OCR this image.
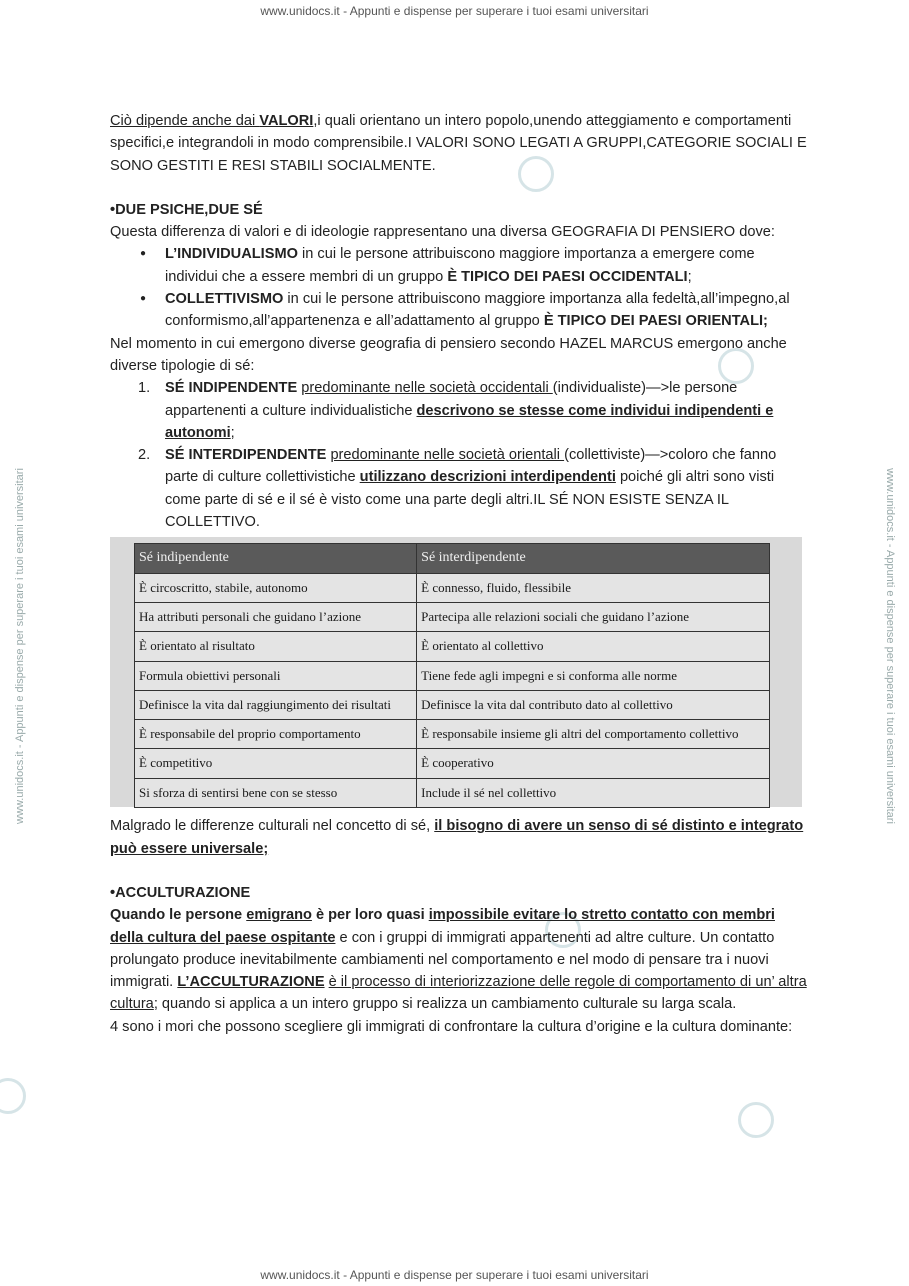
www.unidocs.it - Appunti e dispense per superare i tuoi esami universitari
www.unidocs.it - Appunti e dispense per superare i tuoi esami universitari	www.unidocs.it - Appunti e dispense per superare i tuoi esami universitari

Ciò dipende anche dai VALORI,i quali orientano un intero popolo,unendo atteggiamento e comportamenti specifici,e integrandoli in modo comprensibile.I VALORI SONO LEGATI A GRUPPI,CATEGORIE SOCIALI E SONO GESTITI E RESI STABILI SOCIALMENTE.

•DUE PSICHE,DUE SÉ

Questa differenza di valori e di ideologie rappresentano una diversa GEOGRAFIA DI PENSIERO dove:

● L’INDIVIDUALISMO in cui le persone attribuiscono maggiore importanza a emergere come individui che a essere membri di un gruppo È TIPICO DEI PAESI OCCIDENTALI;
● COLLETTIVISMO in cui le persone attribuiscono maggiore importanza alla fedeltà,all’impegno,al conformismo,all’appartenenza e all’adattamento al gruppo È TIPICO DEI PAESI ORIENTALI;

Nel momento in cui emergono diverse geografia di pensiero secondo HAZEL MARCUS emergono anche diverse tipologie di sé:

1. SÉ INDIPENDENTE predominante nelle società occidentali (individualiste)—>le persone appartenenti a culture individualistiche descrivono se stesse come individui indipendenti e autonomi;
2. SÉ INTERDIPENDENTE predominante nelle società orientali (collettiviste)—>coloro che fanno parte di culture collettivistiche utilizzano descrizioni interdipendenti poiché gli altri sono visti come parte di sé e il sé è visto come una parte degli altri.IL SÉ NON ESISTE SENZA IL COLLETTIVO.
Sé indipendente	Sé interdipendente
È circoscritto, stabile, autonomo	È connesso, fluido, flessibile
Ha attributi personali che guidano l’azione	Partecipa alle relazioni sociali che guidano l’azione
È orientato al risultato	È orientato al collettivo
Formula obiettivi personali	Tiene fede agli impegni e si conforma alle norme
Definisce la vita dal raggiungimento dei risultati	Definisce la vita dal contributo dato al collettivo
È responsabile del proprio comportamento	È responsabile insieme gli altri del comportamento collettivo
È competitivo	È cooperativo
Si sforza di sentirsi bene con se stesso	Include il sé nel collettivo

Malgrado le differenze culturali nel concetto di sé, il bisogno di avere un senso di sé distinto e integrato può essere universale;

•ACCULTURAZIONE

Quando le persone emigrano è per loro quasi impossibile evitare lo stretto contatto con membri della cultura del paese ospitante e con i gruppi di immigrati appartenenti ad altre culture. Un contatto prolungato produce inevitabilmente cambiamenti nel comportamento e nel modo di pensare tra i nuovi immigrati. L’ACCULTURAZIONE è il processo di interiorizzazione delle regole di comportamento di un’ altra cultura; quando si applica a un intero gruppo si realizza un cambiamento culturale su larga scala.

4 sono i mori che possono scegliere gli immigrati di confrontare la cultura d’origine e la cultura dominante:

www.unidocs.it - Appunti e dispense per superare i tuoi esami universitari
